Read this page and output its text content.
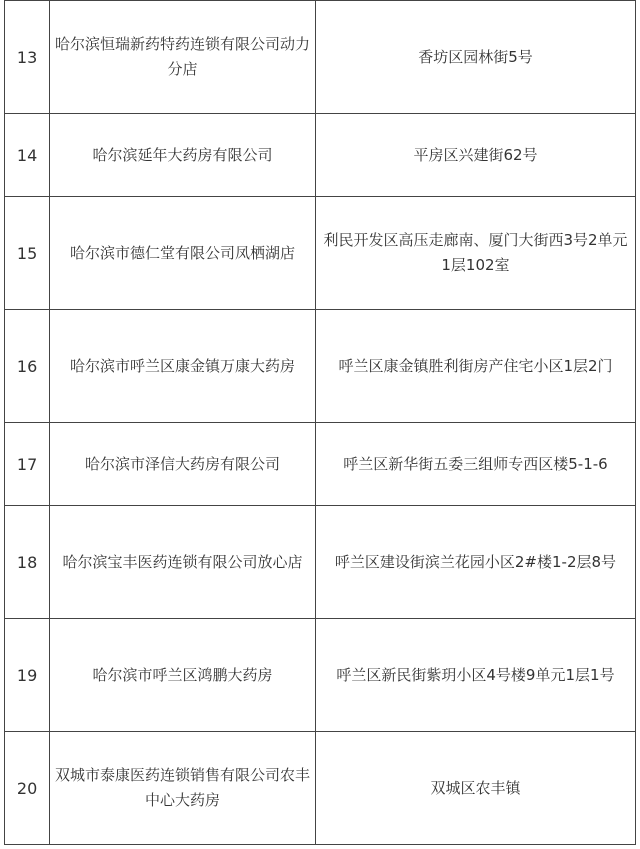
13	哈尔滨恒瑞新药特药连锁有限公司动力分店	香坊区园林街5号
14	哈尔滨延年大药房有限公司	平房区兴建街62号
15	哈尔滨市德仁堂有限公司凤栖湖店	利民开发区高压走廊南、厦门大街西3号2单元1层102室
16	哈尔滨市呼兰区康金镇万康大药房	呼兰区康金镇胜利街房产住宅小区1层2门
17	哈尔滨市泽信大药房有限公司	呼兰区新华街五委三组师专西区楼5-1-6
18	哈尔滨宝丰医药连锁有限公司放心店	呼兰区建设街滨兰花园小区2#楼1-2层8号
19	哈尔滨市呼兰区鸿鹏大药房	呼兰区新民街紫玥小区4号楼9单元1层1号
20	双城市泰康医药连锁销售有限公司农丰中心大药房	双城区农丰镇
